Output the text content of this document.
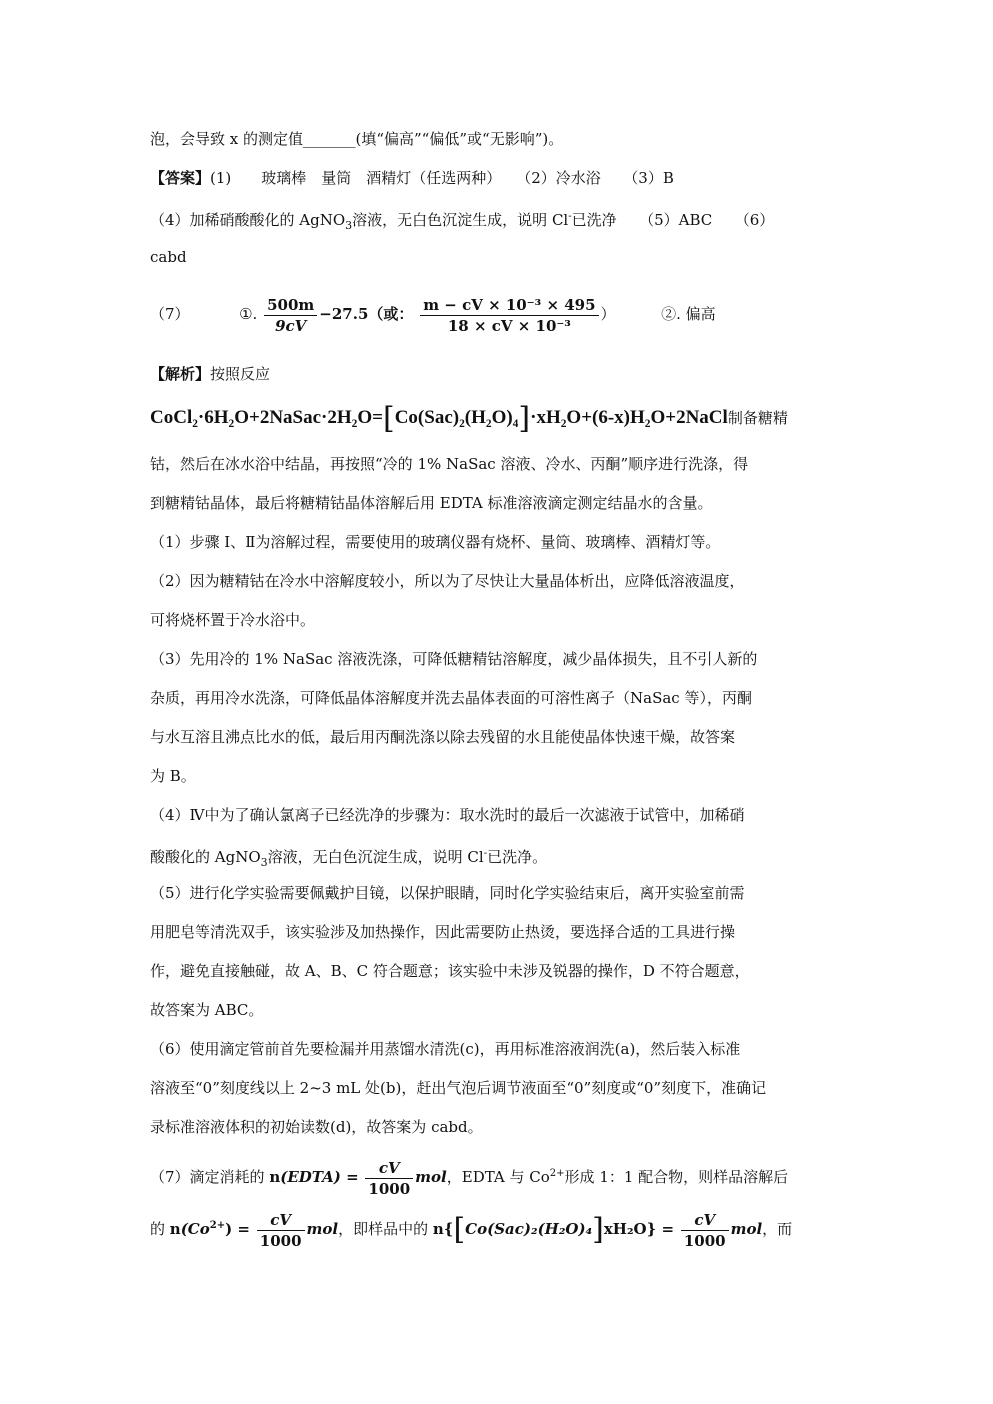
泡，会导致 x 的测定值_______(填“偏高”“偏低”或“无影响”)。
【答案】(1)　　玻璃棒　量筒　酒精灯（任选两种）　　（2）冷水浴　　（3）B
（4）加稀硝酸酸化的 AgNO$_3$溶液，无白色沉淀生成，说明 Cl-已洗净　　（5）ABC　　（6）
cabd
（7）	①. $\frac{500m}{9cV} -27.5$（或： $\frac{\text{m − cV × 10⁻³ × 495}}{\text{18 × cV × 10⁻³}}$ ）	②. 偏高
【解析】按照反应
CoCl₂·6H₂O+2NaSac·2H₂O=[Co(Sac)₂(H₂O)₄]·xH₂O+(6-x)H₂O+2NaCl制备糖精
钴，然后在冰水浴中结晶，再按照“冷的 1% NaSac 溶液、冷水、丙酮”顺序进行洗涤，得
到糖精钴晶体，最后将糖精钴晶体溶解后用 EDTA 标准溶液滴定测定结晶水的含量。
（1）步骤 I、Ⅱ为溶解过程，需要使用的玻璃仪器有烧杯、量筒、玻璃棒、酒精灯等。
（2）因为糖精钴在冷水中溶解度较小，所以为了尽快让大量晶体析出，应降低溶液温度，
可将烧杯置于冷水浴中。
（3）先用冷的 1% NaSac 溶液洗涤，可降低糖精钴溶解度，减少晶体损失，且不引人新的
杂质，再用冷水洗涤，可降低晶体溶解度并洗去晶体表面的可溶性离子（NaSac 等），丙酮
与水互溶且沸点比水的低，最后用丙酮洗涤以除去残留的水且能使晶体快速干燥，故答案
为 B。
（4）Ⅳ中为了确认氯离子已经洗净的步骤为：取水洗时的最后一次滤液于试管中，加稀硝
酸酸化的 AgNO$_3$溶液，无白色沉淀生成，说明 Cl-已洗净。
（5）进行化学实验需要佩戴护目镜，以保护眼睛，同时化学实验结束后，离开实验室前需
用肥皂等清洗双手，该实验涉及加热操作，因此需要防止热烫，要选择合适的工具进行操
作，避免直接触碰，故 A、B、C 符合题意；该实验中未涉及锐器的操作，D 不符合题意，
故答案为 ABC。
（6）使用滴定管前首先要检漏并用蒸馏水清洗(c)，再用标准溶液润洗(a)，然后装入标准
溶液至“0”刻度线以上 2~3 mL 处(b)，赶出气泡后调节液面至“0”刻度或“0”刻度下，准确记
录标准溶液体积的初始读数(d)，故答案为 cabd。
（7）滴定消耗的 n(EDTA) = $\frac{cV}{1000}$ mol，EDTA 与 $Co^{2+}$形成 1：1 配合物，则样品溶解后
的 $n(Co^{2+}) = \frac{cV}{1000}$ mol，即样品中的 $n\{[Co(Sac)_2(H_2O)_4]xH_2O\} = \frac{cV}{1000}$ mol，而
